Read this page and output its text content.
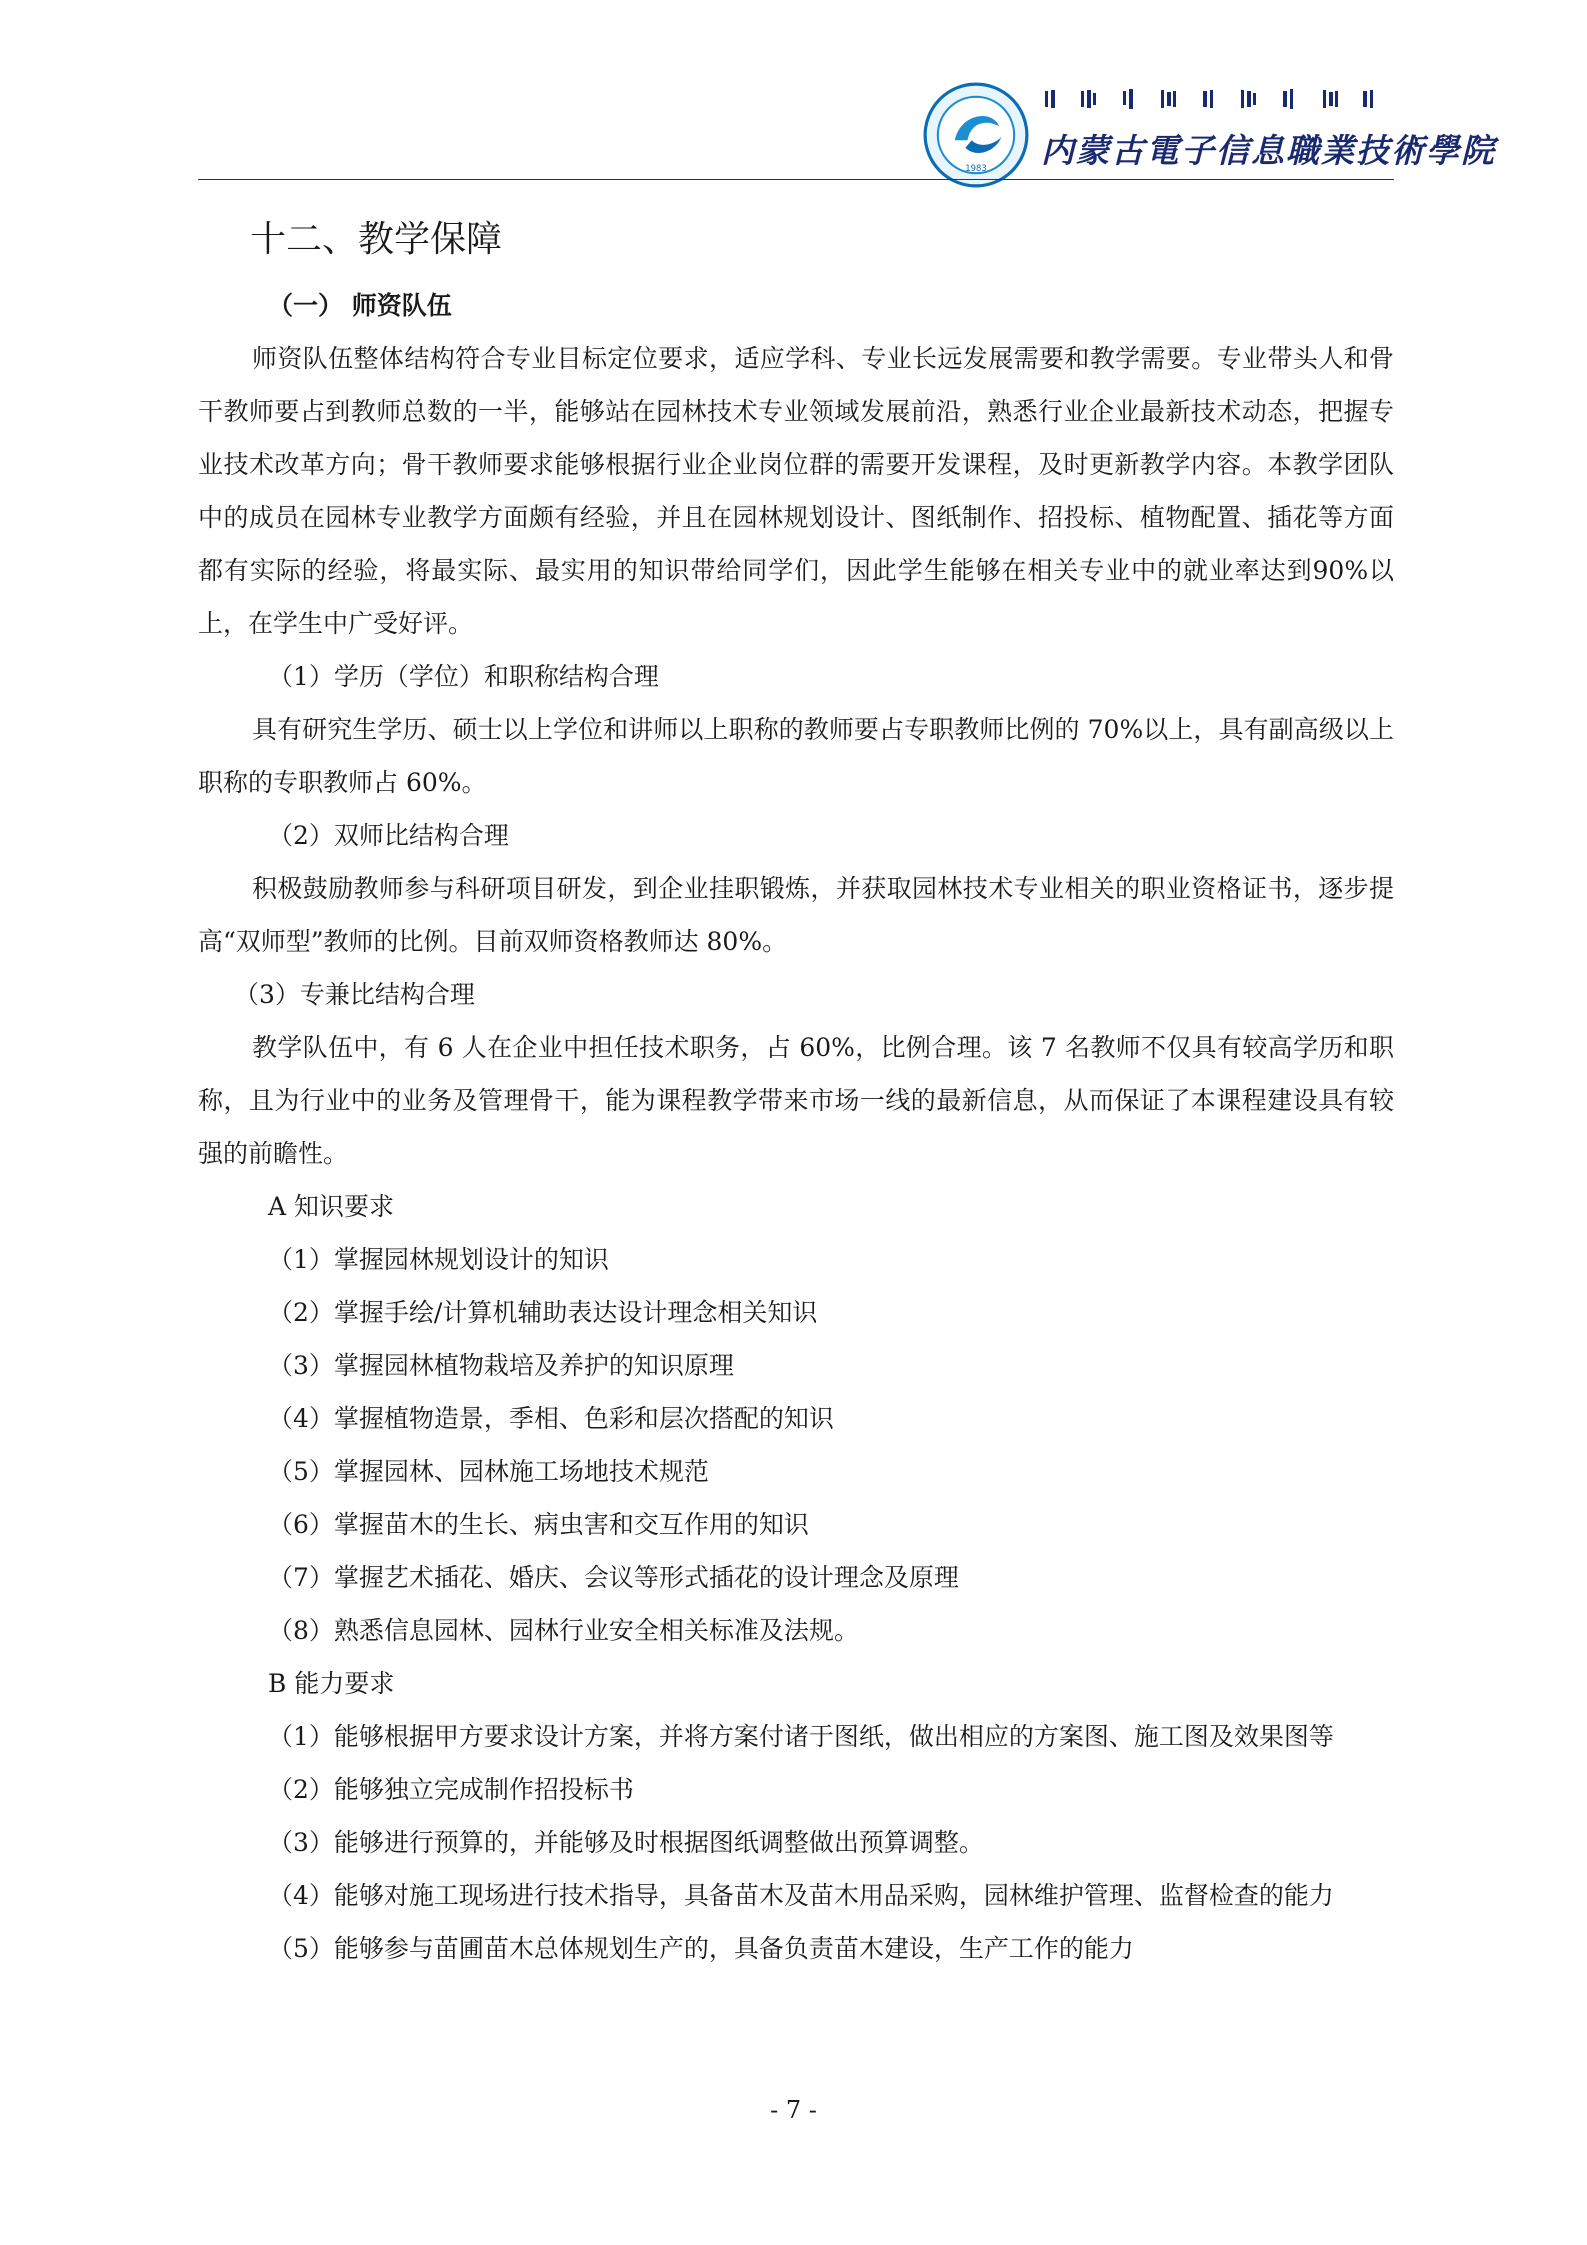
1983 内蒙古電子信息職業技術學院

十二、教学保障

（一） 师资队伍

师资队伍整体结构符合专业目标定位要求，适应学科、专业长远发展需要和教学需要。专业带头人和骨干教师要占到教师总数的一半，能够站在园林技术专业领域发展前沿，熟悉行业企业最新技术动态，把握专业技术改革方向；骨干教师要求能够根据行业企业岗位群的需要开发课程，及时更新教学内容。本教学团队中的成员在园林专业教学方面颇有经验，并且在园林规划设计、图纸制作、招投标、植物配置、插花等方面都有实际的经验，将最实际、最实用的知识带给同学们，因此学生能够在相关专业中的就业率达到90%以上，在学生中广受好评。

（1）学历（学位）和职称结构合理

具有研究生学历、硕士以上学位和讲师以上职称的教师要占专职教师比例的 70%以上，具有副高级以上职称的专职教师占 60%。

（2）双师比结构合理

积极鼓励教师参与科研项目研发，到企业挂职锻炼，并获取园林技术专业相关的职业资格证书，逐步提高“双师型”教师的比例。目前双师资格教师达 80%。

（3）专兼比结构合理

教学队伍中，有 6 人在企业中担任技术职务，占 60%，比例合理。该 7 名教师不仅具有较高学历和职称，且为行业中的业务及管理骨干，能为课程教学带来市场一线的最新信息，从而保证了本课程建设具有较强的前瞻性。

A 知识要求

（1）掌握园林规划设计的知识

（2）掌握手绘/计算机辅助表达设计理念相关知识

（3）掌握园林植物栽培及养护的知识原理

（4）掌握植物造景，季相、色彩和层次搭配的知识

（5）掌握园林、园林施工场地技术规范

（6）掌握苗木的生长、病虫害和交互作用的知识

（7）掌握艺术插花、婚庆、会议等形式插花的设计理念及原理

（8）熟悉信息园林、园林行业安全相关标准及法规。

B 能力要求

（1）能够根据甲方要求设计方案，并将方案付诸于图纸，做出相应的方案图、施工图及效果图等

（2）能够独立完成制作招投标书

（3）能够进行预算的，并能够及时根据图纸调整做出预算调整。

（4）能够对施工现场进行技术指导，具备苗木及苗木用品采购，园林维护管理、监督检查的能力

（5）能够参与苗圃苗木总体规划生产的，具备负责苗木建设，生产工作的能力

- 7 -
